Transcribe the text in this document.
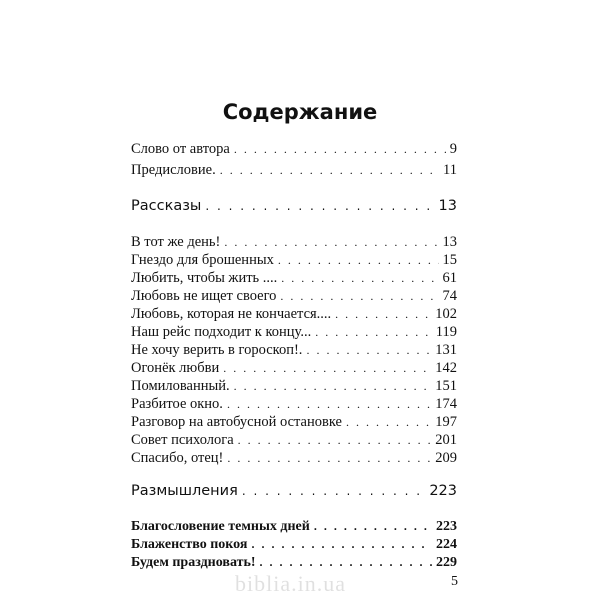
Содержание
Слово от автора . . .	9
Предисловие. . . .	11
Рассказы . . .	13
В тот же день! . . .	13
Гнездо для брошенных . . .	15
Любить, чтобы жить .... . . .	61
Любовь не ищет своего . . .	74
Любовь, которая не кончается.... . . .	102
Наш рейс подходит к концу... . . .	119
Не хочу верить в гороскоп!. . . .	131
Огонёк любви . . .	142
Помилованный. . . .	151
Разбитое окно. . . .	174
Разговор на автобусной остановке . . .	197
Совет психолога . . .	201
Спасибо, отец! . . .	209
Размышления . . .	223
Благословение темных дней . . .	223
Блаженство покоя . . .	224
Будем праздновать! . . .	229
biblia.in.ua	5
